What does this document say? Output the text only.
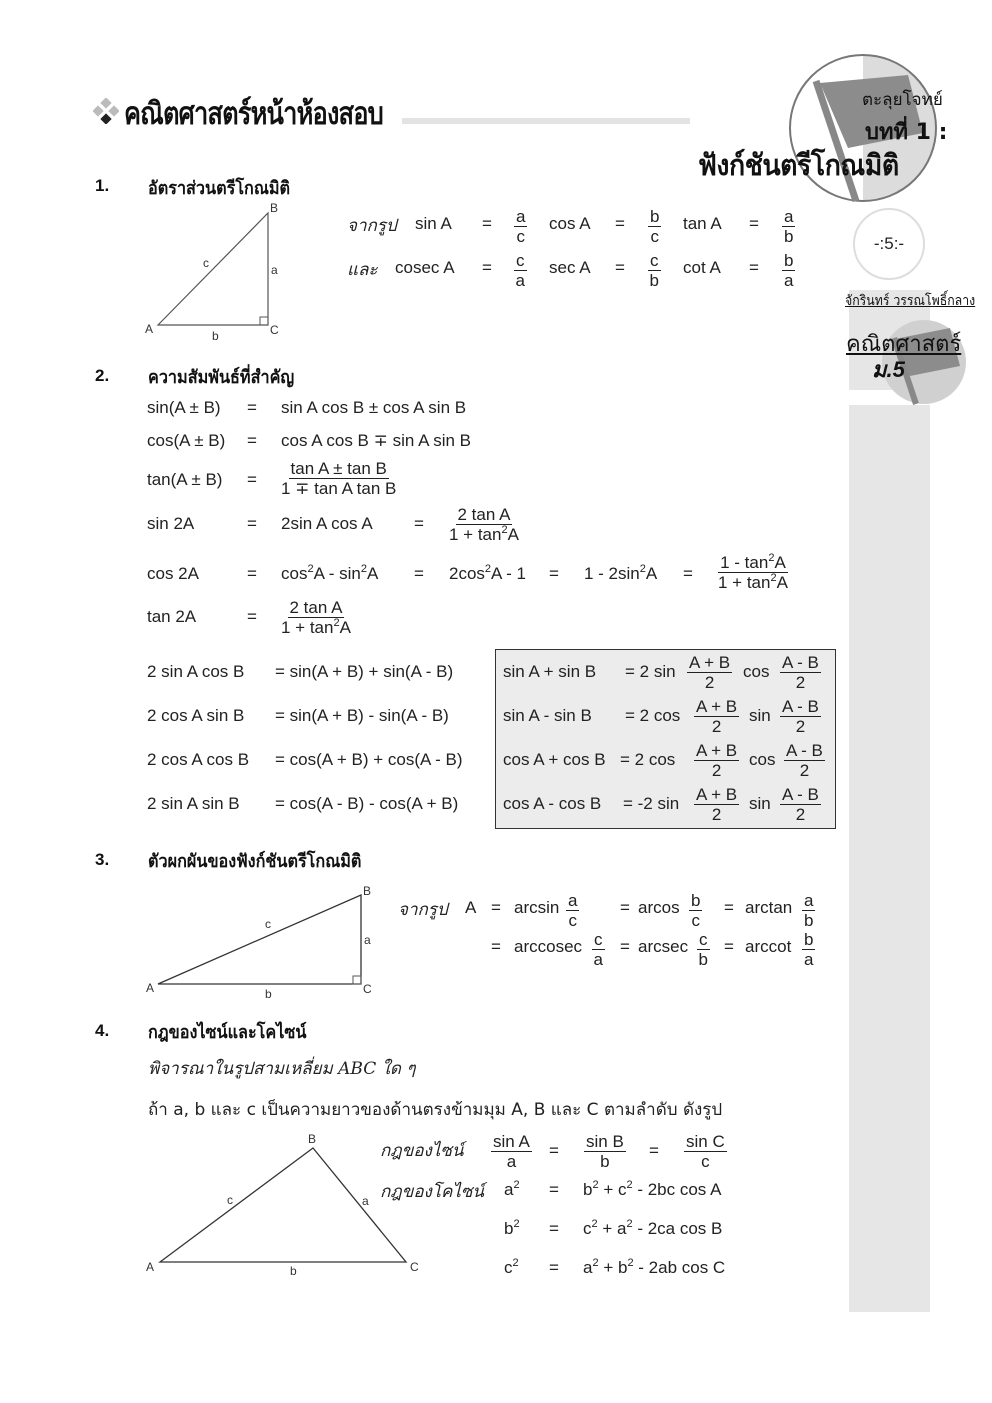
คณิตศาสตร์หน้าห้องสอบ	ตะลุยโจทย์
บทที่ 1 :
ฟังก์ชันตรีโกณมิติ
-:5:-
จักรินทร์ วรรณโพธิ์กลาง
คณิตศาสตร์
ม.5
1. อัตราส่วนตรีโกณมิติ
A
B
C
a
b
c
จากรูป
และ
$\sin A = \frac{a}{c}$ $\cos A = \frac{b}{c}$ $\tan A = \frac{a}{b}$
cosec $A = \frac{c}{a}$ $\sec A = \frac{c}{b}$ $\cot A = \frac{b}{a}$
2. ความสัมพันธ์ที่สำคัญ
sin(A ± B) = sin A cos B ± cos A sin B
cos(A ± B) = cos A cos B ∓ sin A sin B
$\tan(A \pm B) = \frac{\text{tan A ± tan B}}{\text{1 ∓ tan A tan B}}$
sin 2A	= 2sin A $\cos A = \frac{\text{2 tan A}}{1 + \tan^2A}$
cos 2A	= $\cos^2A - \sin^2A = 2\cos^2A - 1 = 1 - 2\sin^2A = \frac{1 - \tan^2A}{1 + \tan^2A}$
tan 2A	= $\frac{\text{2 tan A}}{1 + \tan^2A}$
2 sin A cos B = sin(A + B) + sin(A - B)
2 cos A sin B = sin(A + B) - sin(A - B)
2 cos A cos B = cos(A + B) + cos(A - B)
2 sin A sin B = cos(A - B) - cos(A + B)
sin A + sin B = 2 $\sin \frac{A + B}{2}$ $\cos \frac{A - B}{2}$
sin A - sin B = 2 $\cos \frac{A + B}{2}$ $\sin \frac{A - B}{2}$
cos A + cos B = 2 $\cos \frac{A + B}{2}$ $\cos \frac{A - B}{2}$
cos A - cos B = -2 $\sin \frac{A + B}{2}$ $\sin \frac{A - B}{2}$
3. ตัวผกผันของฟังก์ชันตรีโกณมิติ
A
B
C
a
b
c
จากรูป $A = \arcsin \frac{a}{c} = arcos \frac{b}{c} = \arctan \frac{a}{b}$
= arccosec $\frac{c}{a} = arcsec \frac{c}{b} = arccot \frac{b}{a}$
4. กฎของไซน์และโคไซน์
พิจารณาในรูปสามเหลี่ยม ABC ใด ๆ
ถ้า a, b และ c เป็นความยาวของด้านตรงข้ามมุม A, B และ C ตามลำดับ ดังรูป
A
B
C
a
b
c
กฎของไซน์ $\frac{\text{sin A}}{a} = \frac{\text{sin B}}{b} = \frac{\text{sin C}}{c}$
กฎของโคไซน์ $a^2 = b^2 + c^2 - 2bc$ cos A
$b^2 = c^2 + a^2 - 2ca$ cos B
$c^2 = a^2 + b^2 - 2ab$ cos C
